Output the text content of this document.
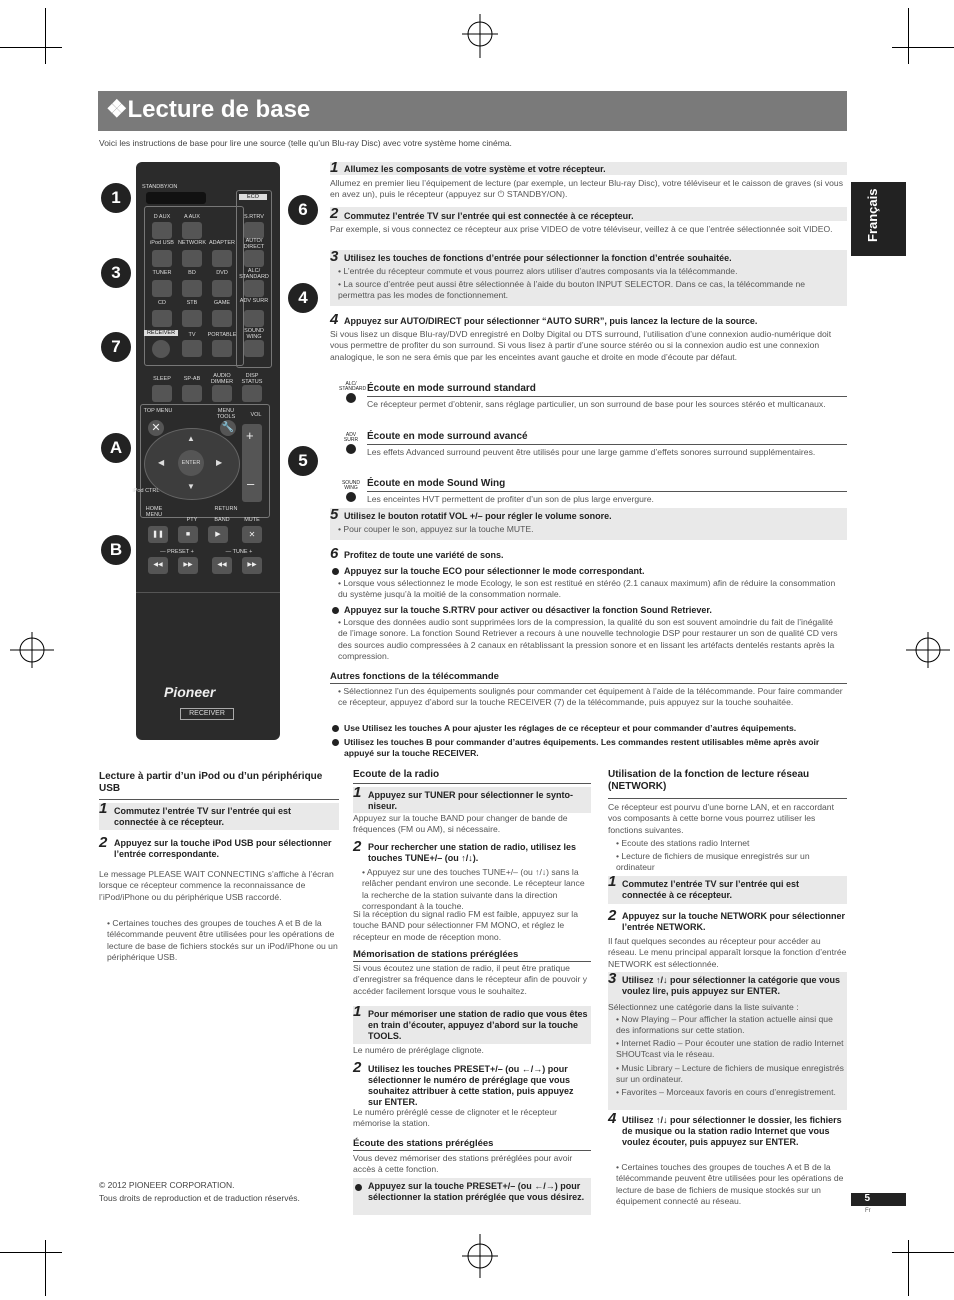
❖Lecture de base
Voici les instructions de base pour lire une source (telle qu’un Blu-ray Disc) avec votre système home cinéma.
Français
STANDBY/ON
ECO
D AUX	A AUX	S.RTRV
iPod USB NETWORK ADAPTER	AUTO/ DIRECT
TUNER	BD	DVD	ALC/ STANDARD
CD	STB	GAME	ADV SURR
RECEIVER	TV	PORTABLE
SOUND WING
SLEEP	SP-AB	AUDIO DIMMER
DISP STATUS
TOP MENU	MENU TOOLS	VOL
✕	🔧
ENTER
▲
▼
◀	▶
+
–
iPod CTRL
HOME MENU
RETURN
PTY	BAND	MUTE
❚❚	■	▶	✕
— PRESET +	— TUNE +
◀◀	▶▶	◀◀	▶▶
Pioneer
RECEIVER
1
3
7
A
B
6
4
5
1 Allumez les composants de votre système et votre récepteur.
Allumez en premier lieu l’équipement de lecture (par exemple, un lecteur Blu-ray Disc), votre téléviseur et le caisson de graves (si vous en avez un), puis le récepteur (appuyez sur ⏻ STANDBY/ON).
2 Commutez l’entrée TV sur l’entrée qui est connectée à ce récepteur.
Par exemple, si vous connectez ce récepteur aux prise VIDEO de votre téléviseur, veillez à ce que l’entrée sélectionnée soit VIDEO.
3 Utilisez les touches de fonctions d’entrée pour sélectionner la fonction d’entrée souhaitée.
• L’entrée du récepteur commute et vous pourrez alors utiliser d’autres composants via la télécommande.
• La source d’entrée peut aussi être sélectionnée à l’aide du bouton INPUT SELECTOR. Dans ce cas, la télécommande ne permettra pas les modes de fonctionnement.
4 Appuyez sur AUTO/DIRECT pour sélectionner “AUTO SURR”, puis lancez la lecture de la source.
Si vous lisez un disque Blu-ray/DVD enregistré en Dolby Digital ou DTS surround, l’utilisation d’une connexion audio-numérique doit vous permettre de profiter du son surround. Si vous lisez à partir d’une source stéréo ou si la connexion audio est une connexion analogique, le son ne sera émis que par les enceintes avant gauche et droite en mode d’écoute par défaut.
ALC/ STANDARD Écoute en mode surround standard
Ce récepteur permet d’obtenir, sans réglage particulier, un son surround de base pour les sources stéréo et multicanaux.
ADV SURR Écoute en mode surround avancé
Les effets Advanced surround peuvent être utilisés pour une large gamme d’effets sonores surround supplémentaires.
SOUND WING Écoute en mode Sound Wing
Les enceintes HVT permettent de profiter d’un son de plus large envergure.
5 Utilisez le bouton rotatif VOL +/– pour régler le volume sonore.
• Pour couper le son, appuyez sur la touche MUTE.
6 Profitez de toute une variété de sons.
Appuyez sur la touche ECO pour sélectionner le mode correspondant.
• Lorsque vous sélectionnez le mode Ecology, le son est restitué en stéréo (2.1 canaux maximum) afin de réduire la consommation du système jusqu’à la moitié de la consommation normale.
Appuyez sur la touche S.RTRV pour activer ou désactiver la fonction Sound Retriever.
• Lorsque des données audio sont supprimées lors de la compression, la qualité du son est souvent amoindrie du fait de l’inégalité de l’image sonore. La fonction Sound Retriever a recours à une nouvelle technologie DSP pour restaurer un son de qualité CD vers des sources audio compressées à 2 canaux en rétablissant la pression sonore et en lissant les artéfacts dentelés restants après la compression.
Autres fonctions de la télécommande
• Sélectionnez l’un des équipements soulignés pour commander cet équipement à l’aide de la télécommande. Pour faire commander ce récepteur, appuyez d’abord sur la touche RECEIVER (7) de la télécommande, puis appuyez sur la touche souhaitée.
Use Utilisez les touches A pour ajuster les réglages de ce récepteur et pour commander d’autres équipements.
Utilisez les touches B pour commander d’autres équipements. Les commandes restent utilisables même après avoir appuyé sur la touche RECEIVER.
Lecture à partir d’un iPod ou d’un périphérique USB
1 Commutez l’entrée TV sur l’entrée qui est connectée à ce récepteur.
2 Appuyez sur la touche iPod USB pour sélectionner l’entrée correspondante.
Le message PLEASE WAIT CONNECTING s’affiche à l’écran lorsque ce récepteur commence la reconnaissance de l’iPod/iPhone ou du périphérique USB raccordé.
• Certaines touches des groupes de touches A et B de la télécommande peuvent être utilisées pour les opérations de lecture de base de fichiers stockés sur un iPod/iPhone ou un périphérique USB.
Ecoute de la radio
1 Appuyez sur TUNER pour sélectionner le synto-niseur.
Appuyez sur la touche BAND pour changer de bande de fréquences (FM ou AM), si nécessaire.
2 Pour rechercher une station de radio, utilisez les touches TUNE+/– (ou ↑/↓).
• Appuyez sur une des touches TUNE+/– (ou ↑/↓) sans la relâcher pendant environ une seconde. Le récepteur lance la recherche de la station suivante dans la direction correspondant à la touche.
Si la réception du signal radio FM est faible, appuyez sur la touche BAND pour sélectionner FM MONO, et réglez le récepteur en mode de réception mono.
Mémorisation de stations préréglées
Si vous écoutez une station de radio, il peut être pratique d’enregistrer sa fréquence dans le récepteur afin de pouvoir y accéder facilement lorsque vous le souhaitez.
1 Pour mémoriser une station de radio que vous êtes en train d’écouter, appuyez d’abord sur la touche TOOLS.
Le numéro de préréglage clignote.
2 Utilisez les touches PRESET+/– (ou ←/→) pour sélectionner le numéro de préréglage que vous souhaitez attribuer à cette station, puis appuyez sur ENTER.
Le numéro préréglé cesse de clignoter et le récepteur mémorise la station.
Écoute des stations préréglées
Vous devez mémoriser des stations préréglées pour avoir accès à cette fonction.
Appuyez sur la touche PRESET+/– (ou ←/→) pour sélectionner la station préréglée que vous désirez.
Utilisation de la fonction de lecture réseau (NETWORK)
Ce récepteur est pourvu d’une borne LAN, et en raccordant vos composants à cette borne vous pourrez utiliser les fonctions suivantes.
• Ecoute des stations radio Internet
• Lecture de fichiers de musique enregistrés sur un ordinateur
1 Commutez l’entrée TV sur l’entrée qui est connectée à ce récepteur.
2 Appuyez sur la touche NETWORK pour sélectionner l’entrée NETWORK.
Il faut quelques secondes au récepteur pour accéder au réseau. Le menu principal apparaît lorsque la fonction d’entrée NETWORK est sélectionnée.
3 Utilisez ↑/↓ pour sélectionner la catégorie que vous voulez lire, puis appuyez sur ENTER.
Sélectionnez une catégorie dans la liste suivante :
• Now Playing – Pour afficher la station actuelle ainsi que des informations sur cette station.
• Internet Radio – Pour écouter une station de radio Internet SHOUTcast via le réseau.
• Music Library – Lecture de fichiers de musique enregistrés sur un ordinateur.
• Favorites – Morceaux favoris en cours d’enregistrement.
4 Utilisez ↑/↓ pour sélectionner le dossier, les fichiers de musique ou la station radio Internet que vous voulez écouter, puis appuyez sur ENTER.
• Certaines touches des groupes de touches A et B de la télécommande peuvent être utilisées pour les opérations de lecture de base de fichiers de musique stockés sur un équipement connecté au réseau.
© 2012 PIONEER CORPORATION.
Tous droits de reproduction et de traduction réservés.	5
Fr
